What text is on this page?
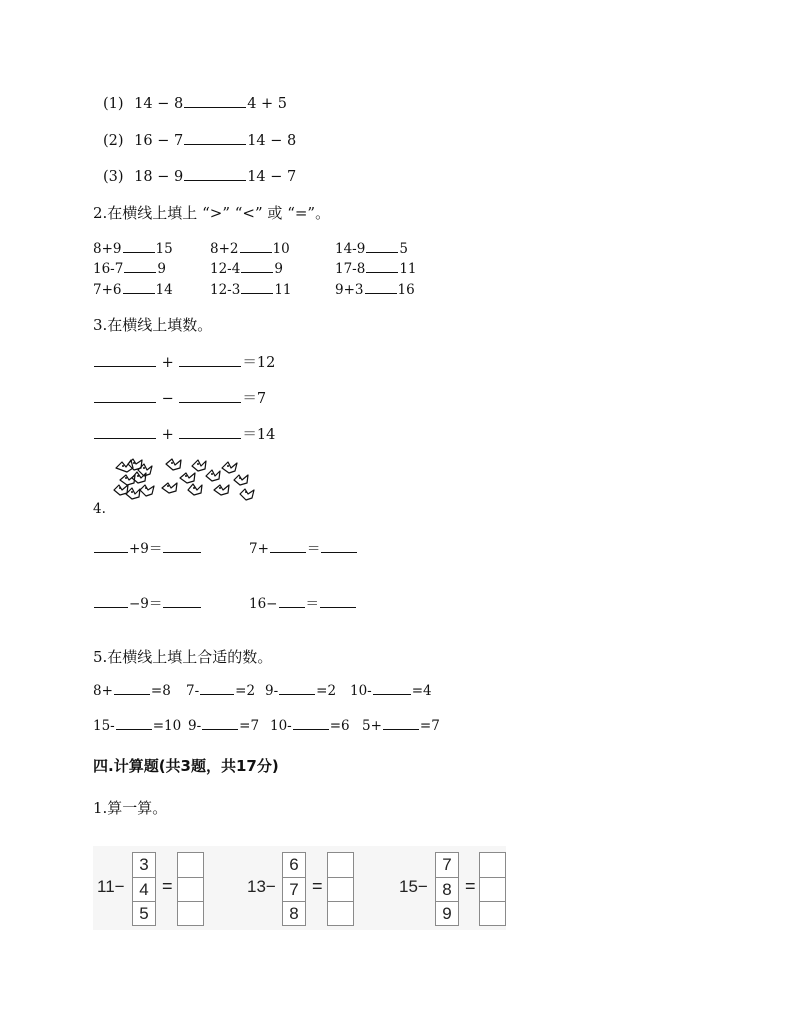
(1) 14 − 8	4 + 5
(2) 16 − 7	14 − 8
(3) 18 − 9	14 − 7
2.在横线上填上 “>” “<” 或 “=”。
8+9	15	8+2	10	14-9	5
16-7	9	12-4	9	17-8	11
7+6	14	12-3	11	9+3	16
3.在横线上填数。
+	＝12
−	＝7
+	＝14
4.
+9＝	7+	＝
−9＝	16− ＝
5.在横线上填上合适的数。
8+	=8 7-	=2 9-	=2 10-	=4
15-	=10 9-	=7 10-	=6 5+	=7
四.计算题(共3题，共17分)
1.算一算。
11−
3
4
5
=	13−
6
7
8
=	15−
7
8
9
=
